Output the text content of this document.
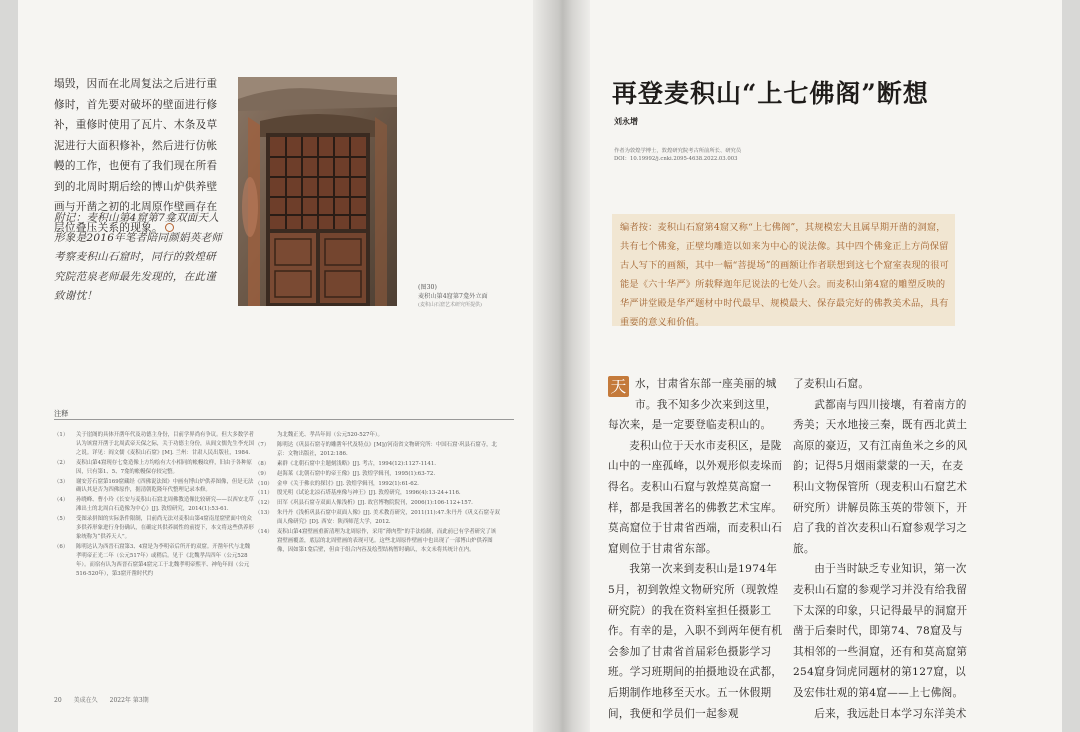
塌毁，因而在北周复法之后进行重修时，首先要对破坏的壁面进行修补，重修时使用了瓦片、木条及草泥进行大面积修补，然后进行仿帐幔的工作，也便有了我们现在所看到的北周时期后绘的博山炉供养壁画与开凿之初的北周原作壁画存在层位叠压关系的现象。

附记：麦积山第4窟第7龛双面天人形象是2016年笔者陪同颜娟英老师考察麦积山石窟时，同行的敦煌研究院范泉老师最先发现的，在此谨致谢忱！
(图30)
麦积山第4窟第7龛外立面
(麦积山石窟艺术研究所提供)
注释
（1）	关于崖阁的具体开凿年代及功德主身份，目前学界尚有争议。但大多数学者认为该窟开凿于北周武帝天保之际，关于功德主身份，从阎文儒先生李充国之说。详见：阎文儒《麦积山石窟》[M]. 兰州：甘肃人民出版社，1984.
（2）	麦积山第4窟现存七龛造像上方均绘有大小相同的帐幔纹样，旧由于各种原因，只有第1、5、7龛的帐幔保存较完整。
（3）	谢安芳石窟第169窟藏经《四佛说法图》中画有博山炉供养图像，但是无法确认其是否为四佛原作，据清朝乾隆年代整理记录本修。
（4）	孙晓峰、曹小玲《长安与麦积山石窟北周佛教造像比较研究——以西安北草滩出土的北周白石造像为中心》[J]. 敦煌研究，2014(1):53-61.
（5）	受图录拼图的实际条件限制，目前尚无法对麦积山第4窟南崖窟壁面中的众多供养形象进行身份确认，在确定其供养属性的前提下，本文将这些供养形象统称为“供养天人”。
（6）	陈明达认为西晋石窟第3、4窟是为李明帝后所开的双窟。开凿年代与北魏孝明帝正光二年（公元517年）或稍后。见于《北魏孝昌四年（公元528年）。而宿有认为西晋石窟第4窟完工于北魏孝明帝熙平、神龟年间（公元516-520年），第3窟开凿时代约
为北魏正光、孝昌年间（公元520-527年）。
（7）	陈明达《巩县石窟寺的雕凿年代及特点》[M]//河南省文物研究所：中国石窟·巩县石窟寺，北京：文物出版社，2012:186.
（8）	素群《北朝石窟中主题刻浅略》[J]. 考古，1994(12):1127-1141.
（9）	赵海莱《北朝石窟中的帝王像》[J]. 敦煌学辑刊，1995(1):63-72.
（10） 金申《关于佛衣的探讨》[J]. 敦煌学辑刊，1992(1):61-62.
（11） 殷光明《试论北凉石塔基座像与神王》[J]. 敦煌研究，1996(4):13-24+116.
（12） 田军《巩县石窟寺双面人像浅析》[J]. 故宫博物院院刊，2006(1):106-112+157.
（13） 朱丹丹《浅析巩县石窟中双面人像》[J]. 美术教育研究，2011(11):47.朱丹丹《巩义石窟寺双面人像研究》[D]. 西安：陕西师范大学，2012.
（14） 麦积山第4窟壁画重新清理为北周原作，采用“薄肉塑”的手法绘制，而此前已有学者研究了该窟壁画覆盖，底层的北周壁画的表现可见。这些北周原作壁画中也出现了一部博山炉供养图像，因如第1龛后壁，但由于组合内容及绘塑结构暂时确认，本文未将其统计在内。
20 美成在久 2022年 第3期
再登麦积山“上七佛阁”断想
刘永增
作者为敦煌学博士，敦煌研究院考古所前所长、研究员
DOI：10.19992/j.cnki.2095-4638.2022.03.003
编者按：麦积山石窟第4窟又称“上七佛阁”，其规模宏大且属早期开凿的洞窟，共有七个佛龛，正壁均雕造以如来为中心的说法像。其中四个佛龛正上方尚保留古人写下的画额，其中一幅“菩提场”的画额让作者联想到这七个窟室表现的很可能是《六十华严》所载释迦年尼说法的七处八会。而麦积山第4窟的雕塑反映的华严讲堂殿是华严题材中时代最早、规模最大、保存最完好的佛教美术品，具有重要的意义和价值。
天 水，甘肃省东部一座美丽的城市。我不知多少次来到这里，每次来，是一定要登临麦积山的。

麦积山位于天水市麦积区，是陇山中的一座孤峰，以外观形似麦垛而得名。麦积山石窟与敦煌莫高窟一样，都是我国著名的佛教艺术宝库。莫高窟位于甘肃省西端，而麦积山石窟则位于甘肃省东部。

我第一次来到麦积山是1974年5月，初到敦煌文物研究所（现敦煌研究院）的我在资料室担任摄影工作。有幸的是，入职不到两年便有机会参加了甘肃省首届彩色摄影学习班。学习班期间的拍摄地设在武都，后期制作地移至天水。五一休假期间，我便和学员们一起参观

了麦积山石窟。

武都南与四川接壤，有着南方的秀美；天水地接三秦，既有西北黄土高原的豪迈，又有江南鱼米之乡的风韵；记得5月烟雨蒙蒙的一天，在麦积山文物保管所（现麦积山石窟艺术研究所）讲解员陈玉英的带领下，开启了我的首次麦积山石窟参观学习之旅。

由于当时缺乏专业知识，第一次麦积山石窟的参观学习并没有给我留下太深的印象，只记得最早的洞窟开凿于后秦时代，即第74、78窟及与其相邻的一些洞窟，还有和莫高窟第254窟身饲虎同题材的第127窟，以及宏伟壮观的第4窟——上七佛阁。

后来，我远赴日本学习东洋美术
